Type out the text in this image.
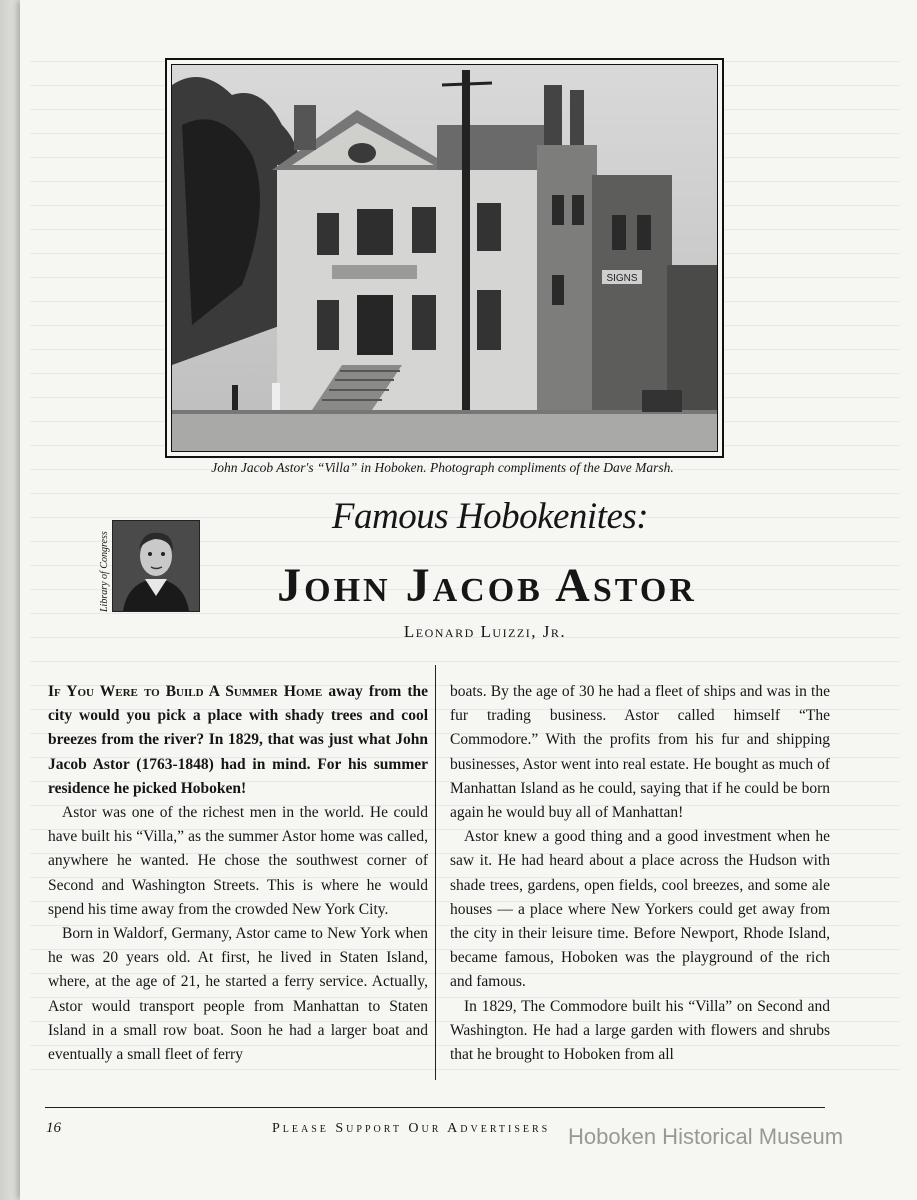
SIGNS
John Jacob Astor's “Villa” in Hoboken. Photograph compliments of the Dave Marsh.
Famous Hobokenites:
Library of Congress	John Jacob Astor
Leonard Luizzi, Jr.

If You Were to Build A Summer Home away from the city would you pick a place with shady trees and cool breezes from the river? In 1829, that was just what John Jacob Astor (1763-1848) had in mind. For his summer residence he picked Hoboken!

Astor was one of the richest men in the world. He could have built his “Villa,” as the summer Astor home was called, anywhere he wanted. He chose the southwest corner of Second and Washington Streets. This is where he would spend his time away from the crowded New York City.

Born in Waldorf, Germany, Astor came to New York when he was 20 years old. At first, he lived in Staten Island, where, at the age of 21, he started a ferry service. Actually, Astor would transport people from Manhattan to Staten Island in a small row boat. Soon he had a larger boat and eventually a small fleet of ferry

boats. By the age of 30 he had a fleet of ships and was in the fur trading business. Astor called himself “The Commodore.” With the profits from his fur and shipping businesses, Astor went into real estate. He bought as much of Manhattan Island as he could, saying that if he could be born again he would buy all of Manhattan!

Astor knew a good thing and a good investment when he saw it. He had heard about a place across the Hudson with shade trees, gardens, open fields, cool breezes, and some ale houses — a place where New Yorkers could get away from the city in their leisure time. Before Newport, Rhode Island, became famous, Hoboken was the playground of the rich and famous.

In 1829, The Commodore built his “Villa” on Second and Washington. He had a large garden with flowers and shrubs that he brought to Hoboken from all

16	Please Support Our Advertisers Hoboken Historical Museum
